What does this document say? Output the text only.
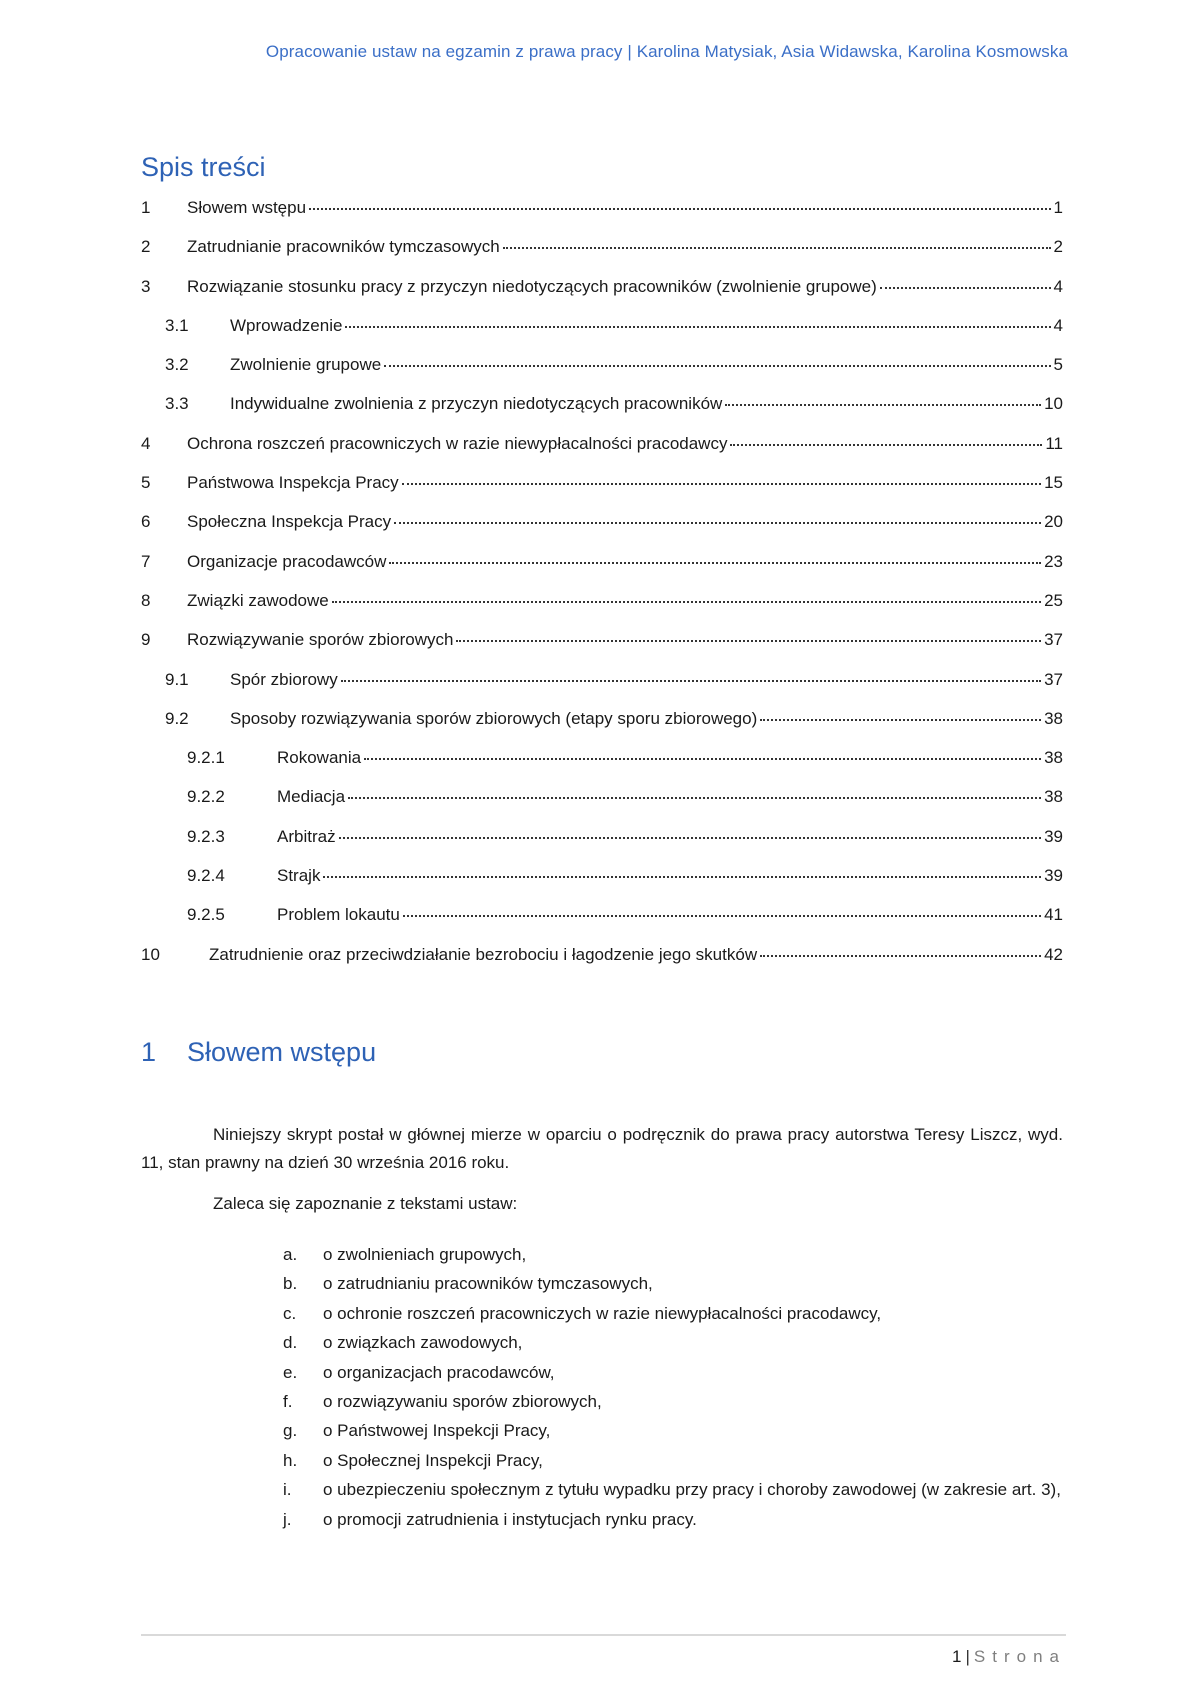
Opracowanie ustaw na egzamin z prawa pracy | Karolina Matysiak, Asia Widawska, Karolina Kosmowska
Spis treści
1	Słowem wstępu	1
2	Zatrudnianie pracowników tymczasowych	2
3	Rozwiązanie stosunku pracy z przyczyn niedotyczących pracowników (zwolnienie grupowe)	4
3.1	Wprowadzenie	4
3.2	Zwolnienie grupowe	5
3.3	Indywidualne zwolnienia z przyczyn niedotyczących pracowników	10
4	Ochrona roszczeń pracowniczych w razie niewypłacalności pracodawcy	11
5	Państwowa Inspekcja Pracy	15
6	Społeczna Inspekcja Pracy	20
7	Organizacje pracodawców	23
8	Związki zawodowe	25
9	Rozwiązywanie sporów zbiorowych	37
9.1	Spór zbiorowy	37
9.2	Sposoby rozwiązywania sporów zbiorowych (etapy sporu zbiorowego)	38
9.2.1	Rokowania	38
9.2.2	Mediacja	38
9.2.3	Arbitraż	39
9.2.4	Strajk	39
9.2.5	Problem lokautu	41
10	Zatrudnienie oraz przeciwdziałanie bezrobociu i łagodzenie jego skutków	42
1 Słowem wstępu

Niniejszy skrypt postał w głównej mierze w oparciu o podręcznik do prawa pracy autorstwa Teresy Liszcz, wyd. 11, stan prawny na dzień 30 września 2016 roku.

Zaleca się zapoznanie z tekstami ustaw:

a.	o zwolnieniach grupowych,
b.	o zatrudnianiu pracowników tymczasowych,
c.	o ochronie roszczeń pracowniczych w razie niewypłacalności pracodawcy,
d.	o związkach zawodowych,
e.	o organizacjach pracodawców,
f.	o rozwiązywaniu sporów zbiorowych,
g.	o Państwowej Inspekcji Pracy,
h.	o Społecznej Inspekcji Pracy,
i.	o ubezpieczeniu społecznym z tytułu wypadku przy pracy i choroby zawodowej (w zakresie art. 3),
j.	o promocji zatrudnienia i instytucjach rynku pracy.
1 | Strona
